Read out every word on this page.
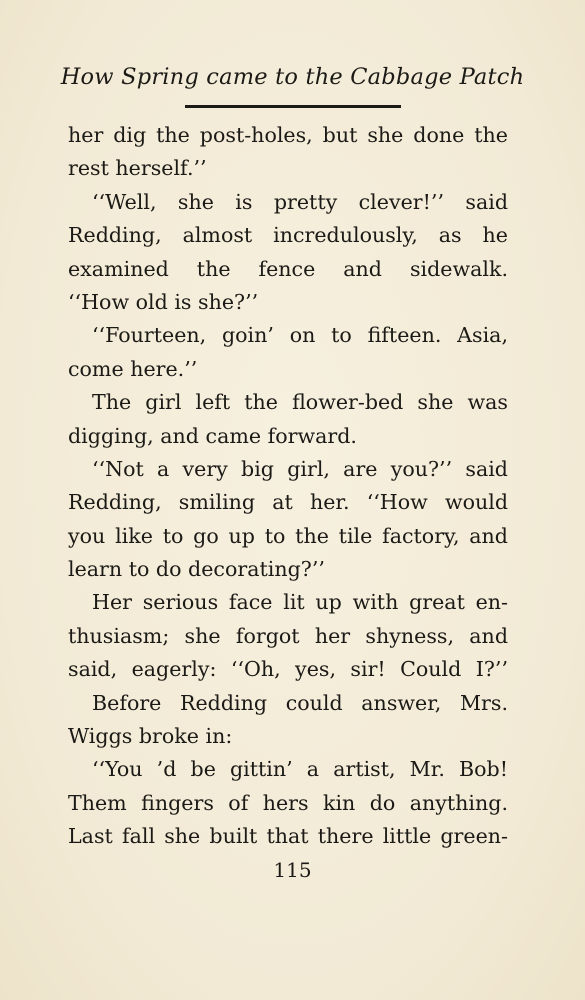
How Spring came to the Cabbage Patch
her dig the post-holes, but she done the
rest herself.’’
‘‘Well, she is pretty clever!’’ said
Redding, almost incredulously, as he
examined the fence and sidewalk.
‘‘How old is she?’’
‘‘Fourteen, goin’ on to fifteen. Asia,
come here.’’
The girl left the flower-bed she was
digging, and came forward.
‘‘Not a very big girl, are you?’’ said
Redding, smiling at her. ‘‘How would
you like to go up to the tile factory, and
learn to do decorating?’’
Her serious face lit up with great en-
thusiasm; she forgot her shyness, and
said, eagerly: ‘‘Oh, yes, sir! Could I?’’
Before Redding could answer, Mrs.
Wiggs broke in:
‘‘You ’d be gittin’ a artist, Mr. Bob!
Them fingers of hers kin do anything.
Last fall she built that there little green-
115
